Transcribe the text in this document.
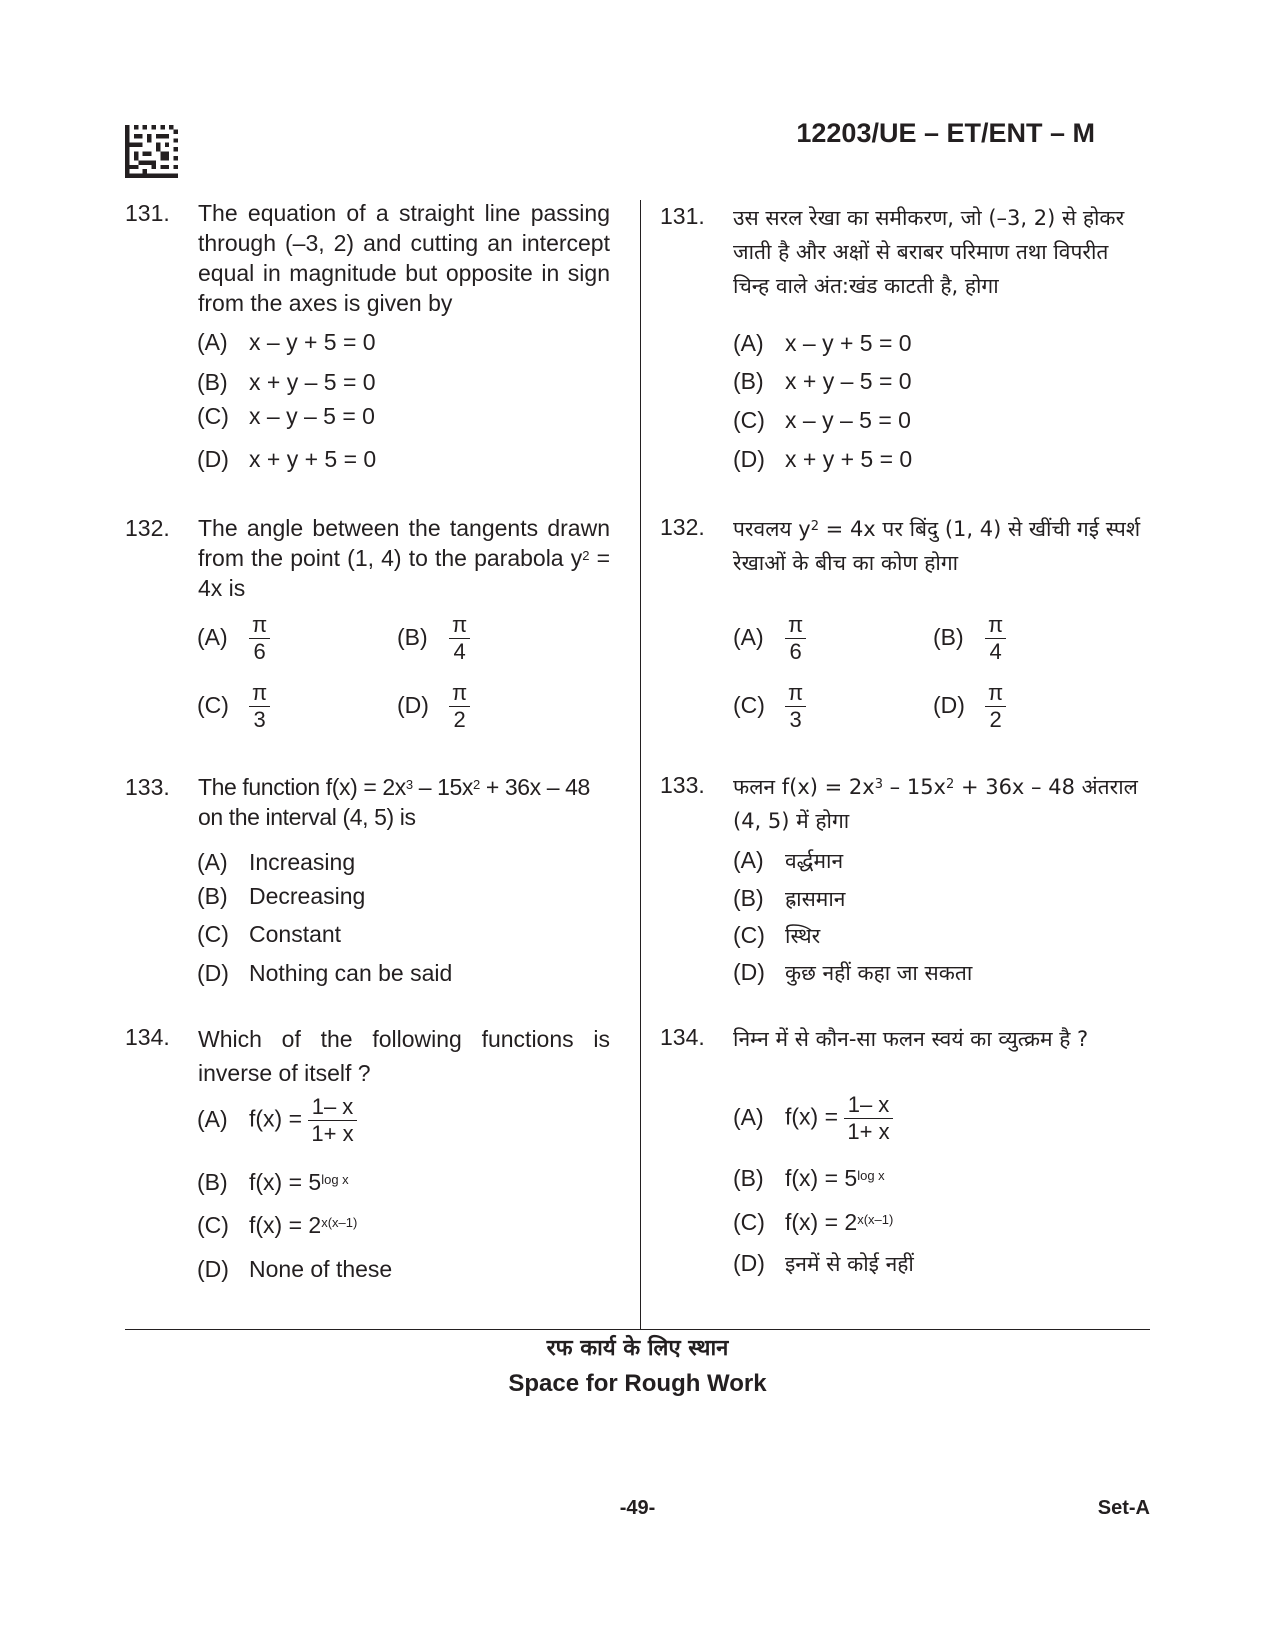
12203/UE – ET/ENT – M
131. The equation of a straight line passing through (–3, 2) and cutting an intercept equal in magnitude but opposite in sign from the axes is given by
(A) x – y + 5 = 0
(B) x + y – 5 = 0
(C) x – y – 5 = 0
(D) x + y + 5 = 0
132. The angle between the tangents drawn from the point (1, 4) to the parabola $y^2 = 4x$ is
$(A) \frac{\pi}{6}$	$(B) \frac{\pi}{4}$
$(C) \frac{\pi}{3}$	$(D) \frac{\pi}{2}$
133. The function $f(x) = 2x^3 - 15x^2 + 36x - 48$ on the interval (4, 5) is
(A) Increasing
(B) Decreasing
(C) Constant
(D) Nothing can be said
134. Which of the following functions is inverse of itself ?
(A) $f(x) = \frac{1- x}{1+ x}$
(B) $f(x) = 5^{log x}$
(C) $f(x) = 2^{x(x-1)}$
(D) None of these
131. उस सरल रेखा का समीकरण, जो (–3, 2) से होकर जाती है और अक्षों से बराबर परिमाण तथा विपरीत चिन्ह वाले अंत:खंड काटती है, होगा
(A) x – y + 5 = 0
(B) x + y – 5 = 0
(C) x – y – 5 = 0
(D) x + y + 5 = 0
132. परवलय $y^2 = 4x$ पर बिंदु (1, 4) से खींची गई स्पर्श रेखाओं के बीच का कोण होगा
$(A) \frac{\pi}{6}$	$(B) \frac{\pi}{4}$
$(C) \frac{\pi}{3}$	$(D) \frac{\pi}{2}$
133. फलन $f(x) = 2x^3 - 15x^2 + 36x - 48$ अंतराल (4, 5) में होगा
(A) वर्द्धमान
(B) ह्रासमान
(C) स्थिर
(D) कुछ नहीं कहा जा सकता
134. निम्न में से कौन-सा फलन स्वयं का व्युत्क्रम है ?
(A) $f(x) = \frac{1- x}{1+ x}$
(B) $f(x) = 5^{log x}$
(C) $f(x) = 2^{x(x-1)}$
(D) इनमें से कोई नहीं
रफ कार्य के लिए स्थान
Space for Rough Work
-49-	Set-A
